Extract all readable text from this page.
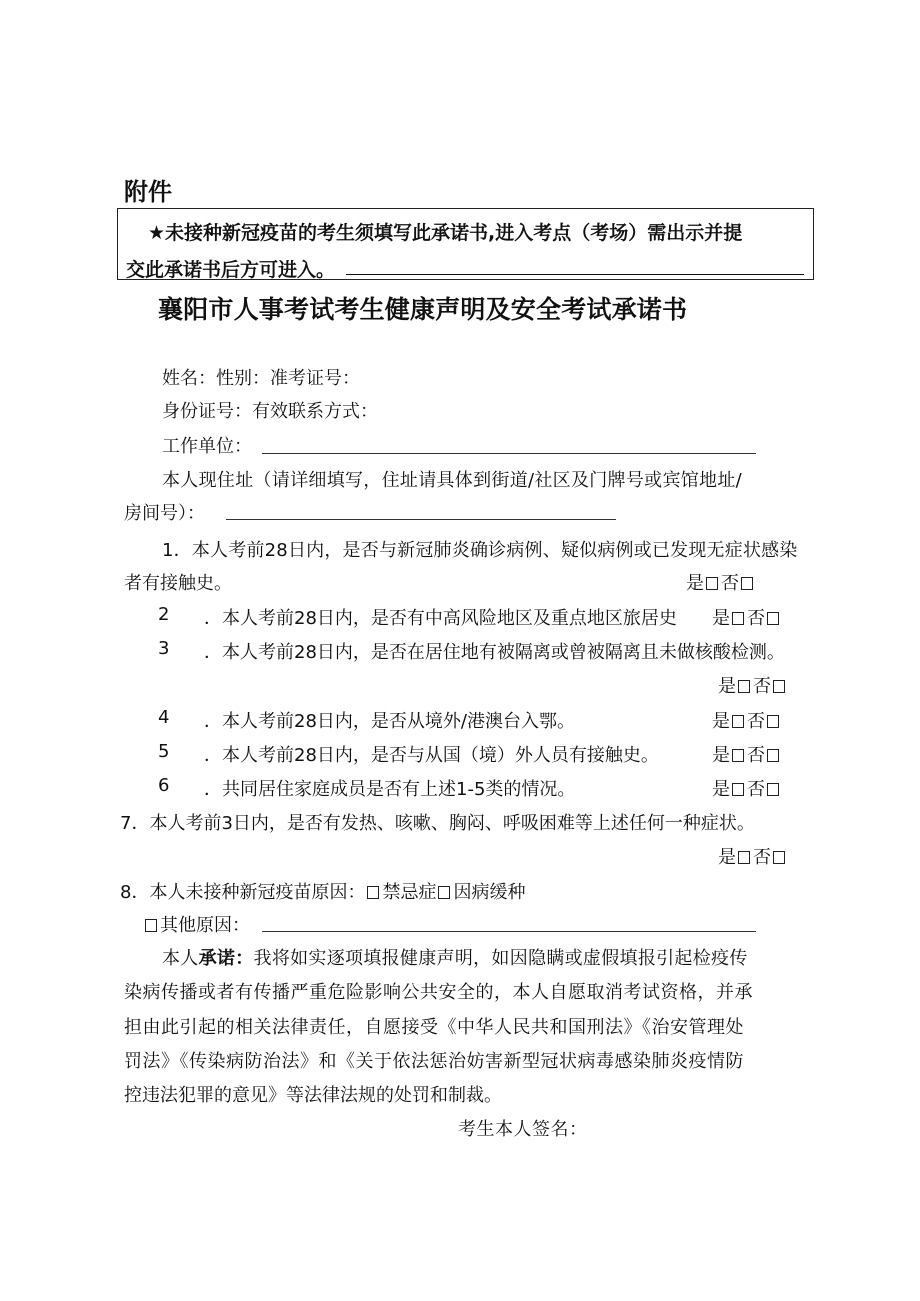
附件
★未接种新冠疫苗的考生须填写此承诺书,进入考点（考场）需出示并提
交此承诺书后方可进入。
襄阳市人事考试考生健康声明及安全考试承诺书
姓名：性别：准考证号：
身份证号：有效联系方式：
工作单位：
本人现住址（请详细填写，住址请具体到街道/社区及门牌号或宾馆地址/
房间号）：
1．本人考前28日内，是否与新冠肺炎确诊病例、疑似病例或已发现无症状感染
者有接触史。	是 否
2 ．本人考前28日内，是否有中高风险地区及重点地区旅居史 是 否
3 ．本人考前28日内，是否在居住地有被隔离或曾被隔离且未做核酸检测。
是 否
4 ．本人考前28日内，是否从境外/港澳台入鄂。	是 否
5 ．本人考前28日内，是否与从国（境）外人员有接触史。	是 否
6 ．共同居住家庭成员是否有上述1-5类的情况。	是 否
7．本人考前3日内，是否有发热、咳嗽、胸闷、呼吸困难等上述任何一种症状。
是 否
8．本人未接种新冠疫苗原因： 禁忌症 因病缓种
其他原因：
本人承诺：我将如实逐项填报健康声明，如因隐瞒或虚假填报引起检疫传
染病传播或者有传播严重危险影响公共安全的，本人自愿取消考试资格，并承
担由此引起的相关法律责任，自愿接受《中华人民共和国刑法》《治安管理处
罚法》《传染病防治法》和《关于依法惩治妨害新型冠状病毒感染肺炎疫情防
控违法犯罪的意见》等法律法规的处罚和制裁。
考生本人签名：
